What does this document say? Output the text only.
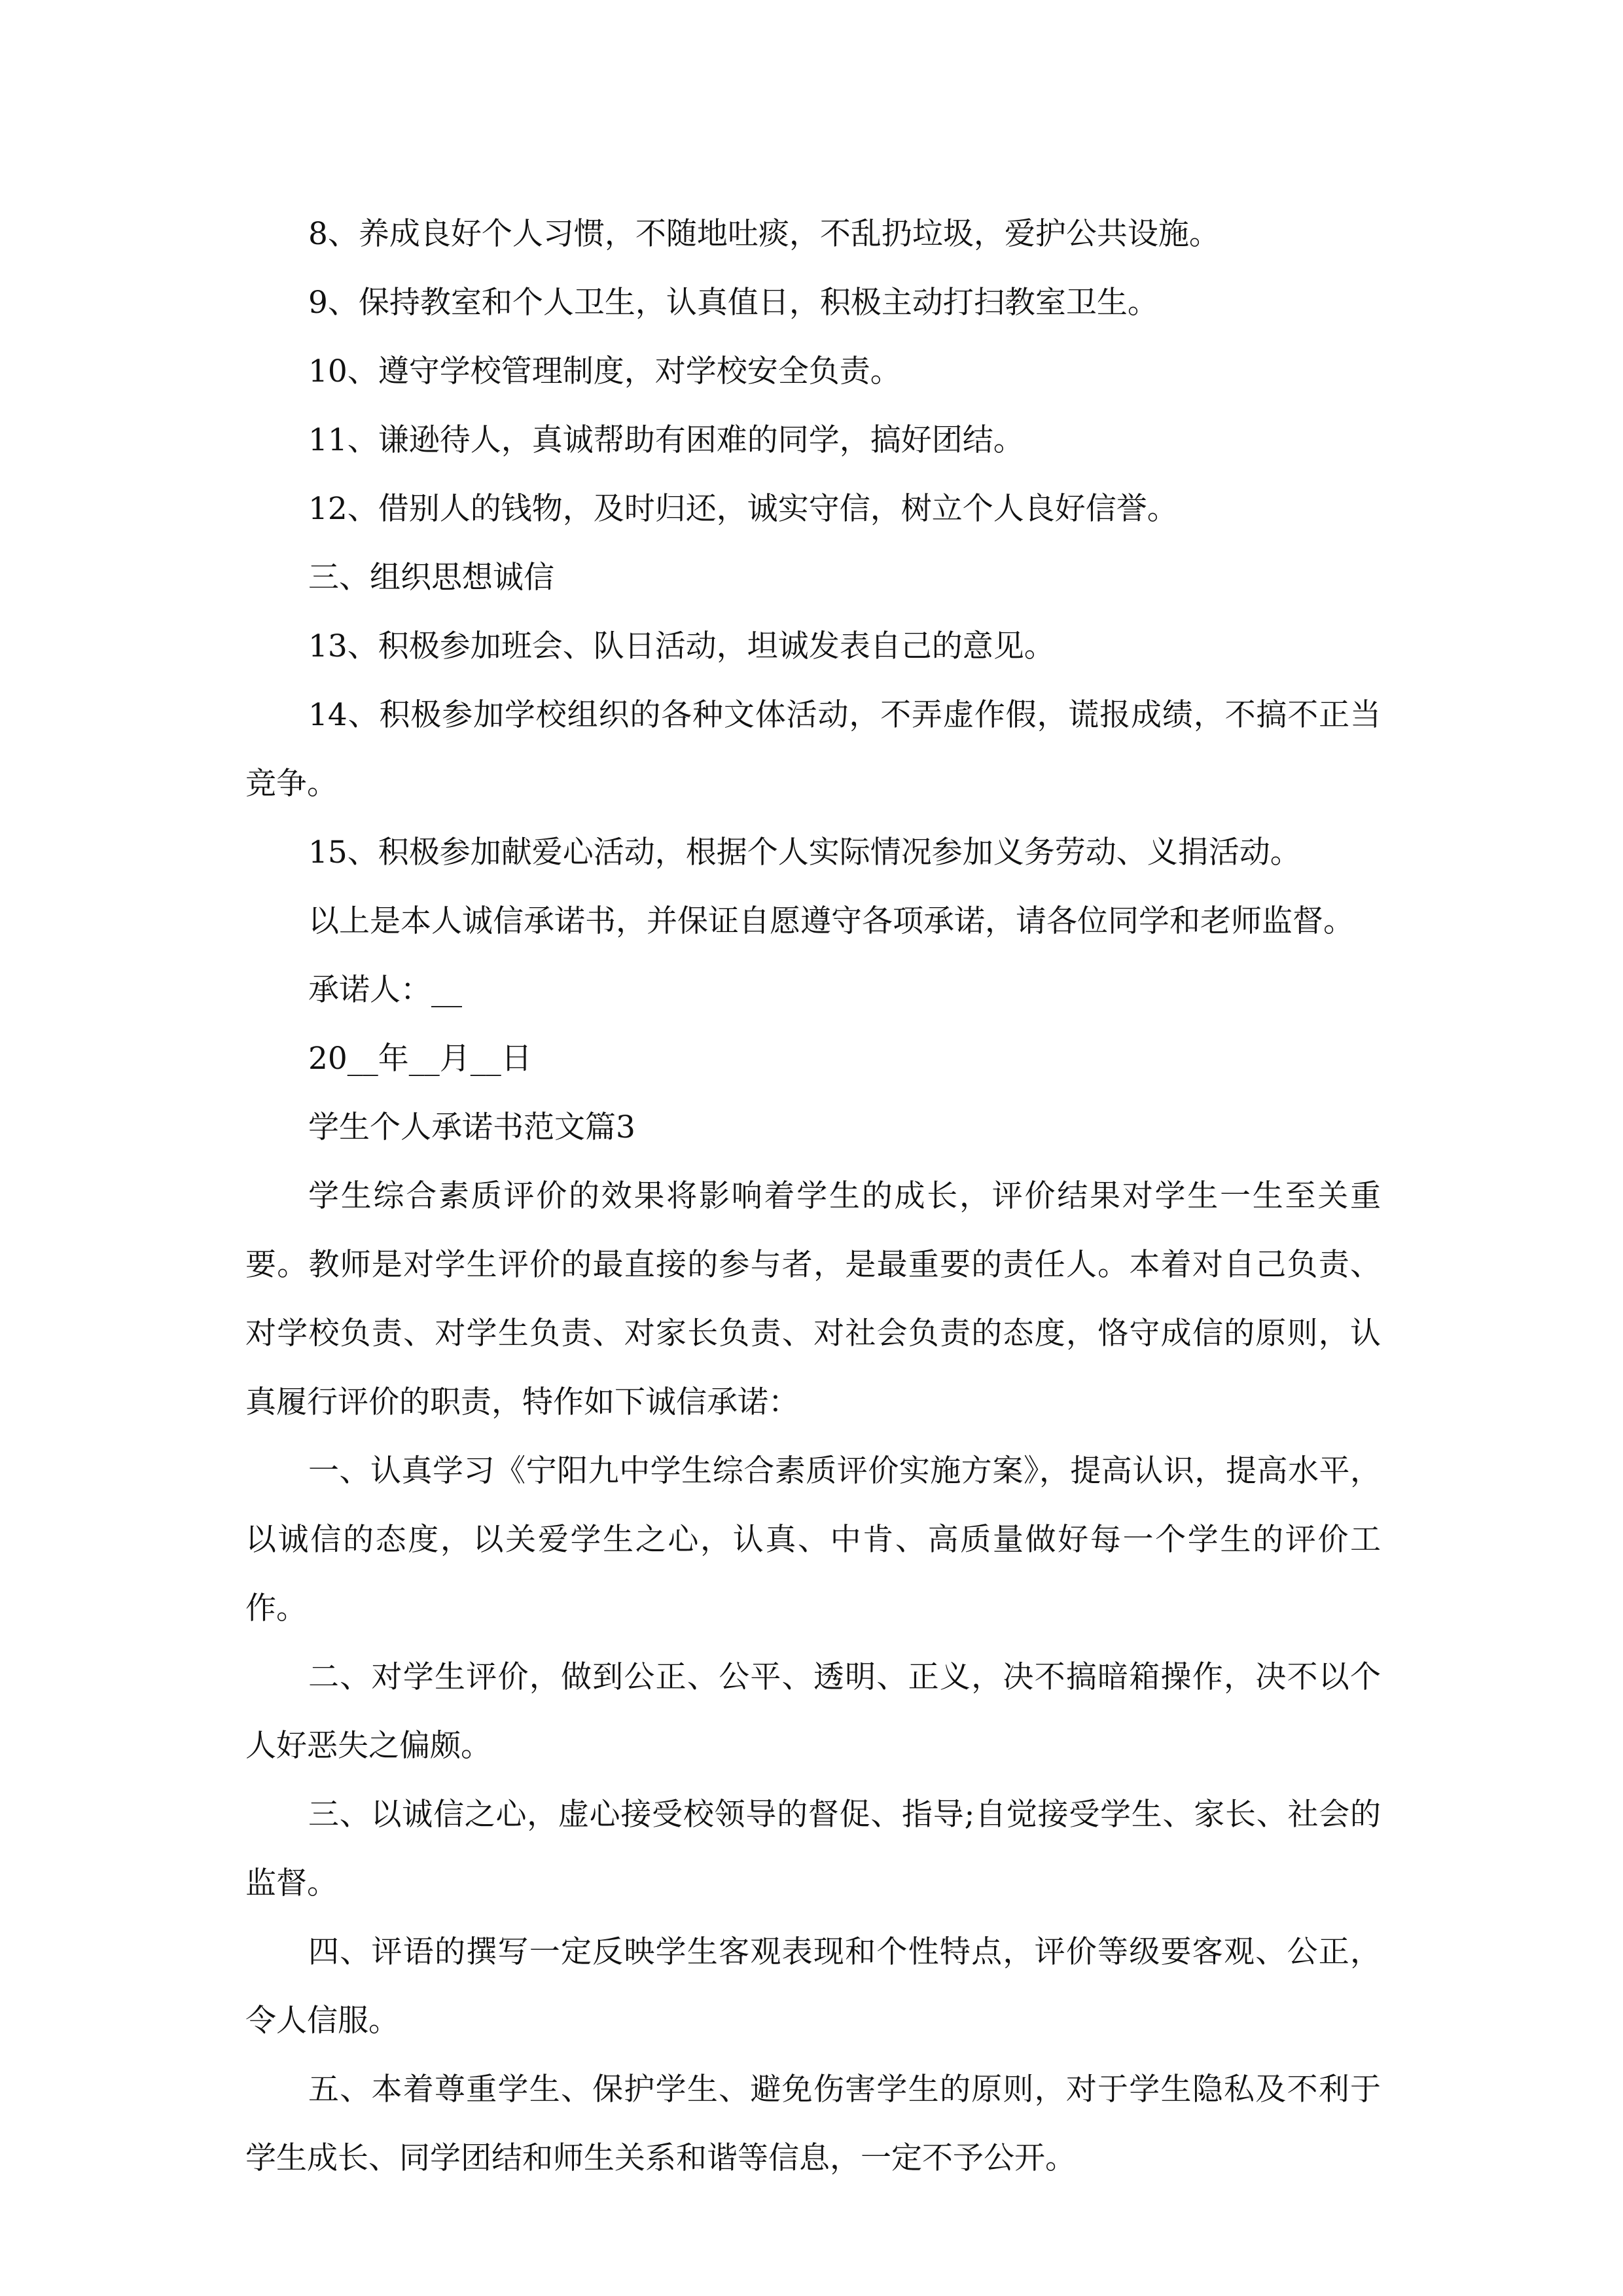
8、养成良好个人习惯，不随地吐痰，不乱扔垃圾，爱护公共设施。

9、保持教室和个人卫生，认真值日，积极主动打扫教室卫生。

10、遵守学校管理制度，对学校安全负责。

11、谦逊待人，真诚帮助有困难的同学，搞好团结。

12、借别人的钱物，及时归还，诚实守信，树立个人良好信誉。

三、组织思想诚信

13、积极参加班会、队日活动，坦诚发表自己的意见。

14、积极参加学校组织的各种文体活动，不弄虚作假，谎报成绩，不搞不正当竞争。

15、积极参加献爱心活动，根据个人实际情况参加义务劳动、义捐活动。

以上是本人诚信承诺书，并保证自愿遵守各项承诺，请各位同学和老师监督。

承诺人：__

20__年__月__日

学生个人承诺书范文篇3

学生综合素质评价的效果将影响着学生的成长，评价结果对学生一生至关重要。教师是对学生评价的最直接的参与者，是最重要的责任人。本着对自己负责、对学校负责、对学生负责、对家长负责、对社会负责的态度，恪守成信的原则，认真履行评价的职责，特作如下诚信承诺：

一、认真学习《宁阳九中学生综合素质评价实施方案》，提高认识，提高水平，以诚信的态度，以关爱学生之心，认真、中肯、高质量做好每一个学生的评价工作。

二、对学生评价，做到公正、公平、透明、正义，决不搞暗箱操作，决不以个人好恶失之偏颇。

三、以诚信之心，虚心接受校领导的督促、指导;自觉接受学生、家长、社会的监督。

四、评语的撰写一定反映学生客观表现和个性特点，评价等级要客观、公正，令人信服。

五、本着尊重学生、保护学生、避免伤害学生的原则，对于学生隐私及不利于学生成长、同学团结和师生关系和谐等信息，一定不予公开。
